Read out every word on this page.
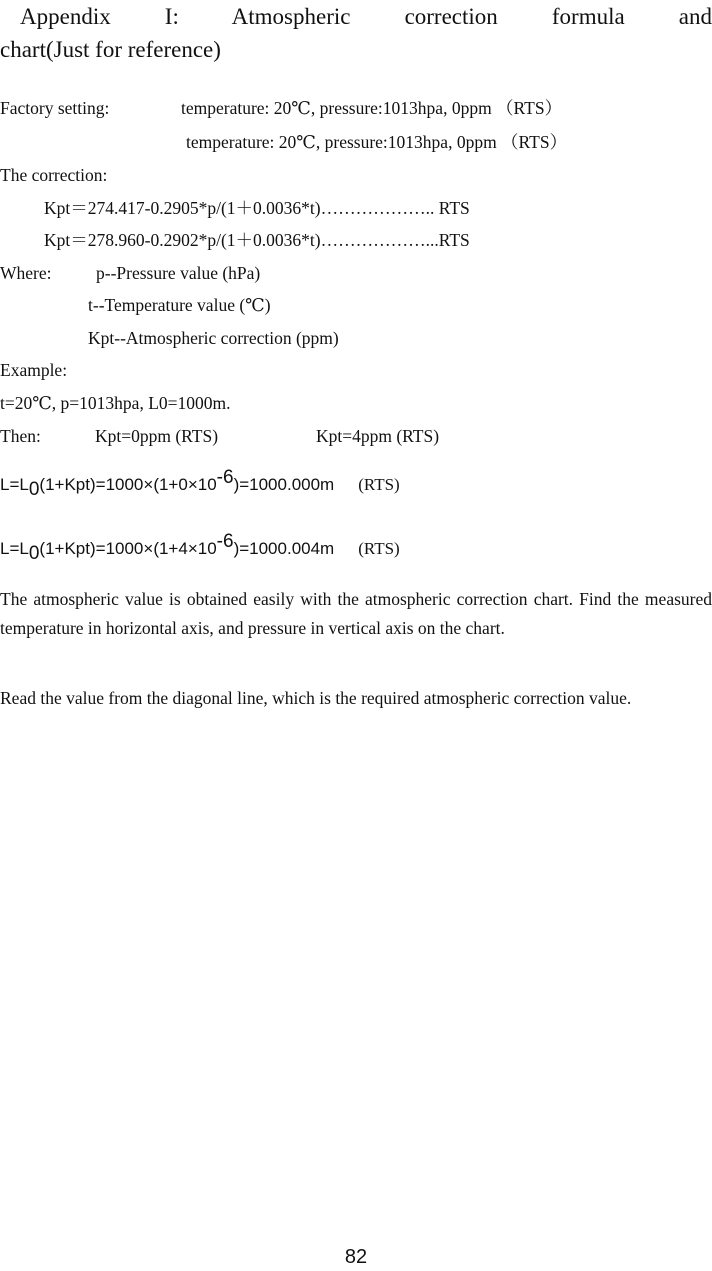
Appendix I: Atmospheric correction formula and
chart(Just for reference)
Factory setting:	temperature: 20℃, pressure:1013hpa, 0ppm （RTS）
temperature: 20℃, pressure:1013hpa, 0ppm （RTS）
The correction:
Kpt＝274.417-0.2905*p/(1＋0.0036*t)……………….. RTS
Kpt＝278.960-0.2902*p/(1＋0.0036*t)………………...RTS
Where:	p--Pressure value (hPa)
t--Temperature value (℃)
Kpt--Atmospheric correction (ppm)
Example:
t=20℃, p=1013hpa, L0=1000m.
Then:	Kpt=0ppm (RTS)	Kpt=4ppm (RTS)
L=L0(1+Kpt)=1000×(1+0×10-6)=1000.000m (RTS)
L=L0(1+Kpt)=1000×(1+4×10-6)=1000.004m (RTS)

The atmospheric value is obtained easily with the atmospheric correction chart. Find the measured temperature in horizontal axis, and pressure in vertical axis on the chart.

Read the value from the diagonal line, which is the required atmospheric correction value.

82
